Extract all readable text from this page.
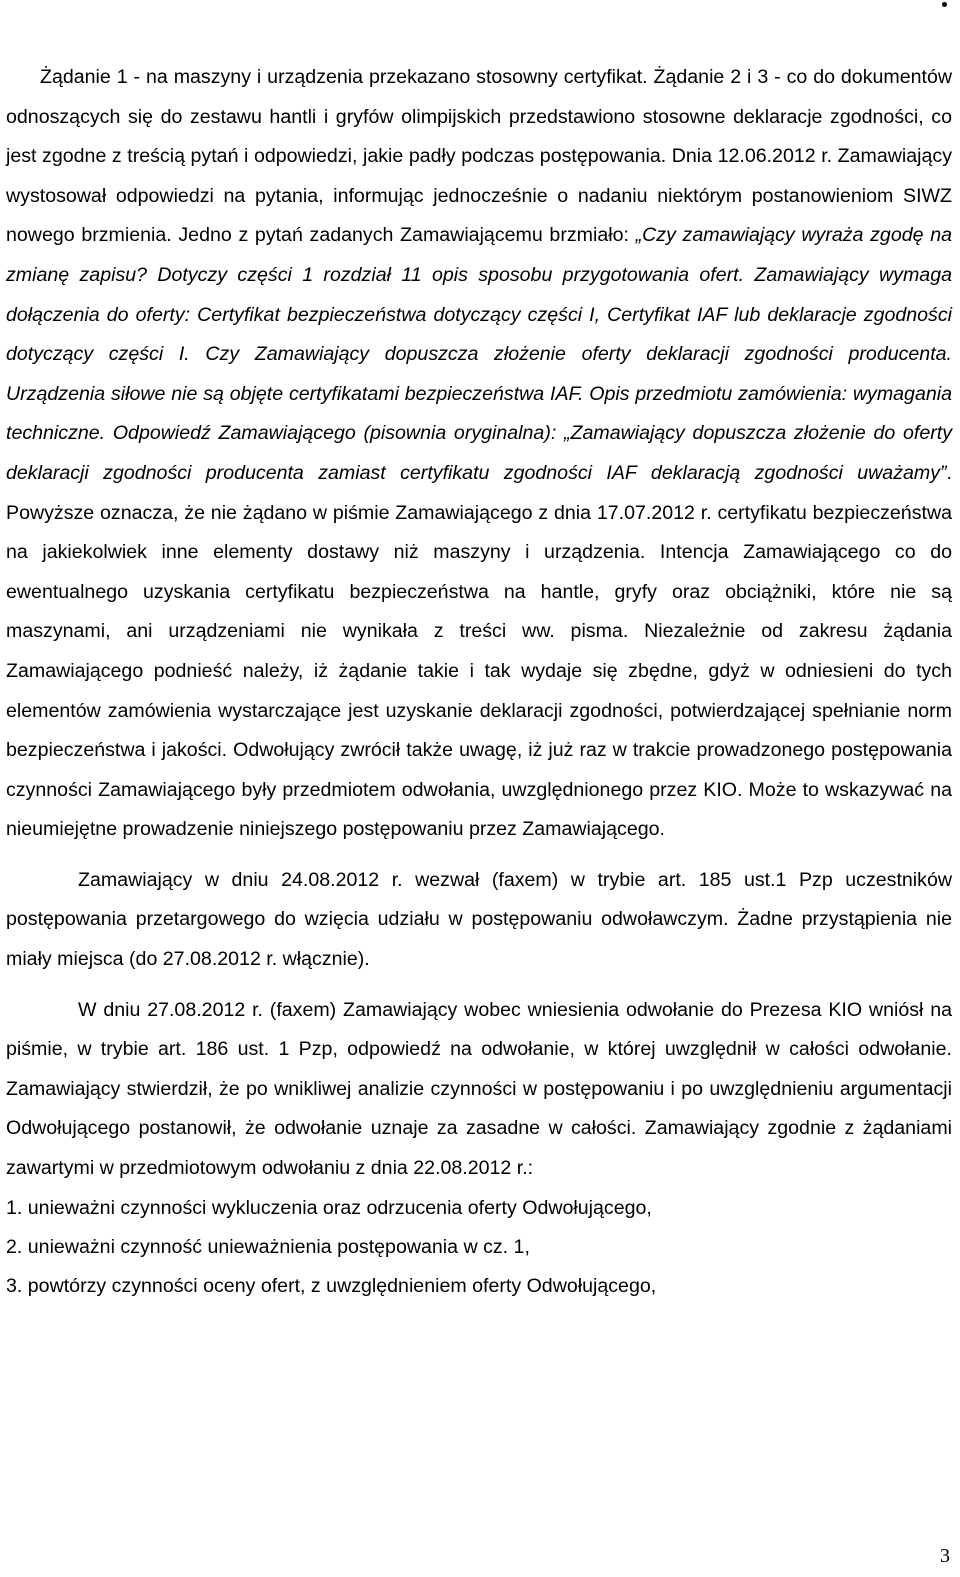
Żądanie 1 - na maszyny i urządzenia przekazano stosowny certyfikat. Żądanie 2 i 3 - co do dokumentów odnoszących się do zestawu hantli i gryfów olimpijskich przedstawiono stosowne deklaracje zgodności, co jest zgodne z treścią pytań i odpowiedzi, jakie padły podczas postępowania. Dnia 12.06.2012 r. Zamawiający wystosował odpowiedzi na pytania, informując jednocześnie o nadaniu niektórym postanowieniom SIWZ nowego brzmienia. Jedno z pytań zadanych Zamawiającemu brzmiało: „Czy zamawiający wyraża zgodę na zmianę zapisu? Dotyczy części 1 rozdział 11 opis sposobu przygotowania ofert. Zamawiający wymaga dołączenia do oferty: Certyfikat bezpieczeństwa dotyczący części I, Certyfikat IAF lub deklaracje zgodności dotyczący części I. Czy Zamawiający dopuszcza złożenie oferty deklaracji zgodności producenta. Urządzenia siłowe nie są objęte certyfikatami bezpieczeństwa IAF. Opis przedmiotu zamówienia: wymagania techniczne. Odpowiedź Zamawiającego (pisownia oryginalna): „Zamawiający dopuszcza złożenie do oferty deklaracji zgodności producenta zamiast certyfikatu zgodności IAF deklaracją zgodności uważamy”. Powyższe oznacza, że nie żądano w piśmie Zamawiającego z dnia 17.07.2012 r. certyfikatu bezpieczeństwa na jakiekolwiek inne elementy dostawy niż maszyny i urządzenia. Intencja Zamawiającego co do ewentualnego uzyskania certyfikatu bezpieczeństwa na hantle, gryfy oraz obciążniki, które nie są maszynami, ani urządzeniami nie wynikała z treści ww. pisma. Niezależnie od zakresu żądania Zamawiającego podnieść należy, iż żądanie takie i tak wydaje się zbędne, gdyż w odniesieni do tych elementów zamówienia wystarczające jest uzyskanie deklaracji zgodności, potwierdzającej spełnianie norm bezpieczeństwa i jakości. Odwołujący zwrócił także uwagę, iż już raz w trakcie prowadzonego postępowania czynności Zamawiającego były przedmiotem odwołania, uwzględnionego przez KIO. Może to wskazywać na nieumiejętne prowadzenie niniejszego postępowaniu przez Zamawiającego.

Zamawiający w dniu 24.08.2012 r. wezwał (faxem) w trybie art. 185 ust.1 Pzp uczestników postępowania przetargowego do wzięcia udziału w postępowaniu odwoławczym. Żadne przystąpienia nie miały miejsca (do 27.08.2012 r. włącznie).

W dniu 27.08.2012 r. (faxem) Zamawiający wobec wniesienia odwołanie do Prezesa KIO wniósł na piśmie, w trybie art. 186 ust. 1 Pzp, odpowiedź na odwołanie, w której uwzględnił w całości odwołanie. Zamawiający stwierdził, że po wnikliwej analizie czynności w postępowaniu i po uwzględnieniu argumentacji Odwołującego postanowił, że odwołanie uznaje za zasadne w całości. Zamawiający zgodnie z żądaniami zawartymi w przedmiotowym odwołaniu z dnia 22.08.2012 r.:

1. unieważni czynności wykluczenia oraz odrzucenia oferty Odwołującego,
2. unieważni czynność unieważnienia postępowania w cz. 1,
3. powtórzy czynności oceny ofert, z uwzględnieniem oferty Odwołującego,
3
